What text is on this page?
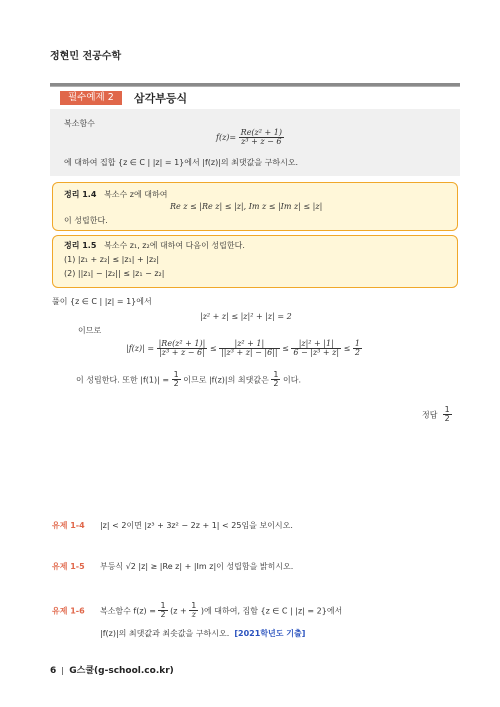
정현민 전공수학
필수예제 2	삼각부등식
복소함수
$f(z)= \frac{\text{Re(z² + 1)}}{\text{z³ + z − 6}}$
에 대하여 집합 {z ∈ C | |z| = 1}에서 |f(z)|의 최댓값을 구하시오.
정리 1.4 복소수 z에 대하여
Re z ≤ |Re z| ≤ |z|, Im z ≤ |Im z| ≤ |z|
이 성립한다.
정리 1.5 복소수 z₁, z₂에 대하여 다음이 성립한다.
(1) |z₁ + z₂| ≤ |z₁| + |z₂|
(2) ||z₁| − |z₂|| ≤ |z₁ − z₂|
풀이 {z ∈ C | |z| = 1}에서
|z² + z| ≤ |z|² + |z| = 2
이므로
$|f(z)| = \frac{\text{|Re(z² + 1)|}}{\text{|z³ + z − 6|}} \le \frac{\text{|z² + 1|}}{\text{||z³ + z| − |6||}} \le \frac{\text{|z|² + |1|}}{\text{6 − |z³ + z|}} \le \frac{1}{2}$
이 성립한다. 또한 $|f(1)| = \frac{1}{2}$ 이므로 |f(z)|의 최댓값은 $\frac{1}{2}$ 이다.
정답 $\frac{1}{2}$
유제 1-4 |z| < 2이면 |z³ + 3z² − 2z + 1| < 25임을 보이시오.
유제 1-5 부등식 √2 |z| ≥ |Re z| + |Im z|이 성립함을 밝히시오.
유제 1-6 복소함수 $f(z) = \frac{1}{2} (z + \frac{1}{z}$ )에 대하여, 집합 {z ∈ C | |z| = 2}에서
|f(z)|의 최댓값과 최솟값을 구하시오. [2021학년도 기출]
6 G스쿨(g-school.co.kr)
